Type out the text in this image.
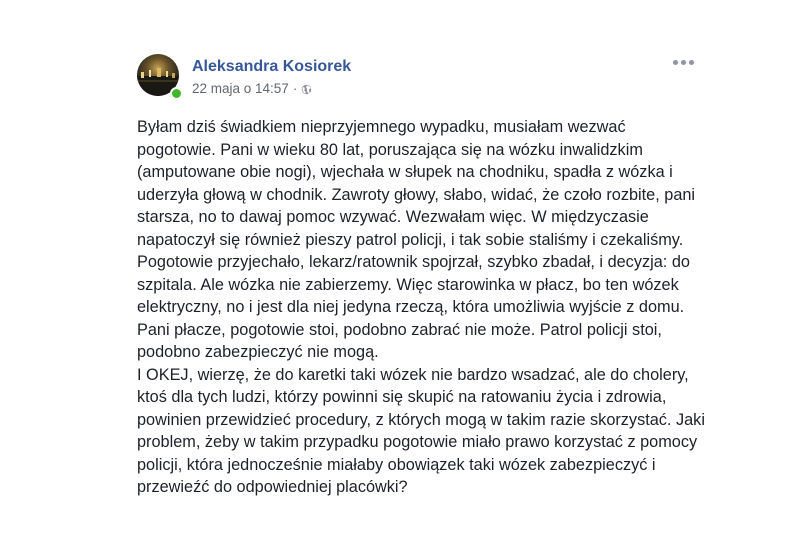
Aleksandra Kosiorek
22 maja o 14:57 ·
Byłam dziś świadkiem nieprzyjemnego wypadku, musiałam wezwać
pogotowie. Pani w wieku 80 lat, poruszająca się na wózku inwalidzkim
(amputowane obie nogi), wjechała w słupek na chodniku, spadła z wózka i
uderzyła głową w chodnik. Zawroty głowy, słabo, widać, że czoło rozbite, pani
starsza, no to dawaj pomoc wzywać. Wezwałam więc. W międzyczasie
napatoczył się również pieszy patrol policji, i tak sobie staliśmy i czekaliśmy.
Pogotowie przyjechało, lekarz/ratownik spojrzał, szybko zbadał, i decyzja: do
szpitala. Ale wózka nie zabierzemy. Więc starowinka w płacz, bo ten wózek
elektryczny, no i jest dla niej jedyna rzeczą, która umożliwia wyjście z domu.
Pani płacze, pogotowie stoi, podobno zabrać nie może. Patrol policji stoi,
podobno zabezpieczyć nie mogą.
I OKEJ, wierzę, że do karetki taki wózek nie bardzo wsadzać, ale do cholery,
ktoś dla tych ludzi, którzy powinni się skupić na ratowaniu życia i zdrowia,
powinien przewidzieć procedury, z których mogą w takim razie skorzystać. Jaki
problem, żeby w takim przypadku pogotowie miało prawo korzystać z pomocy
policji, która jednocześnie miałaby obowiązek taki wózek zabezpieczyć i
przewieźć do odpowiedniej placówki?
